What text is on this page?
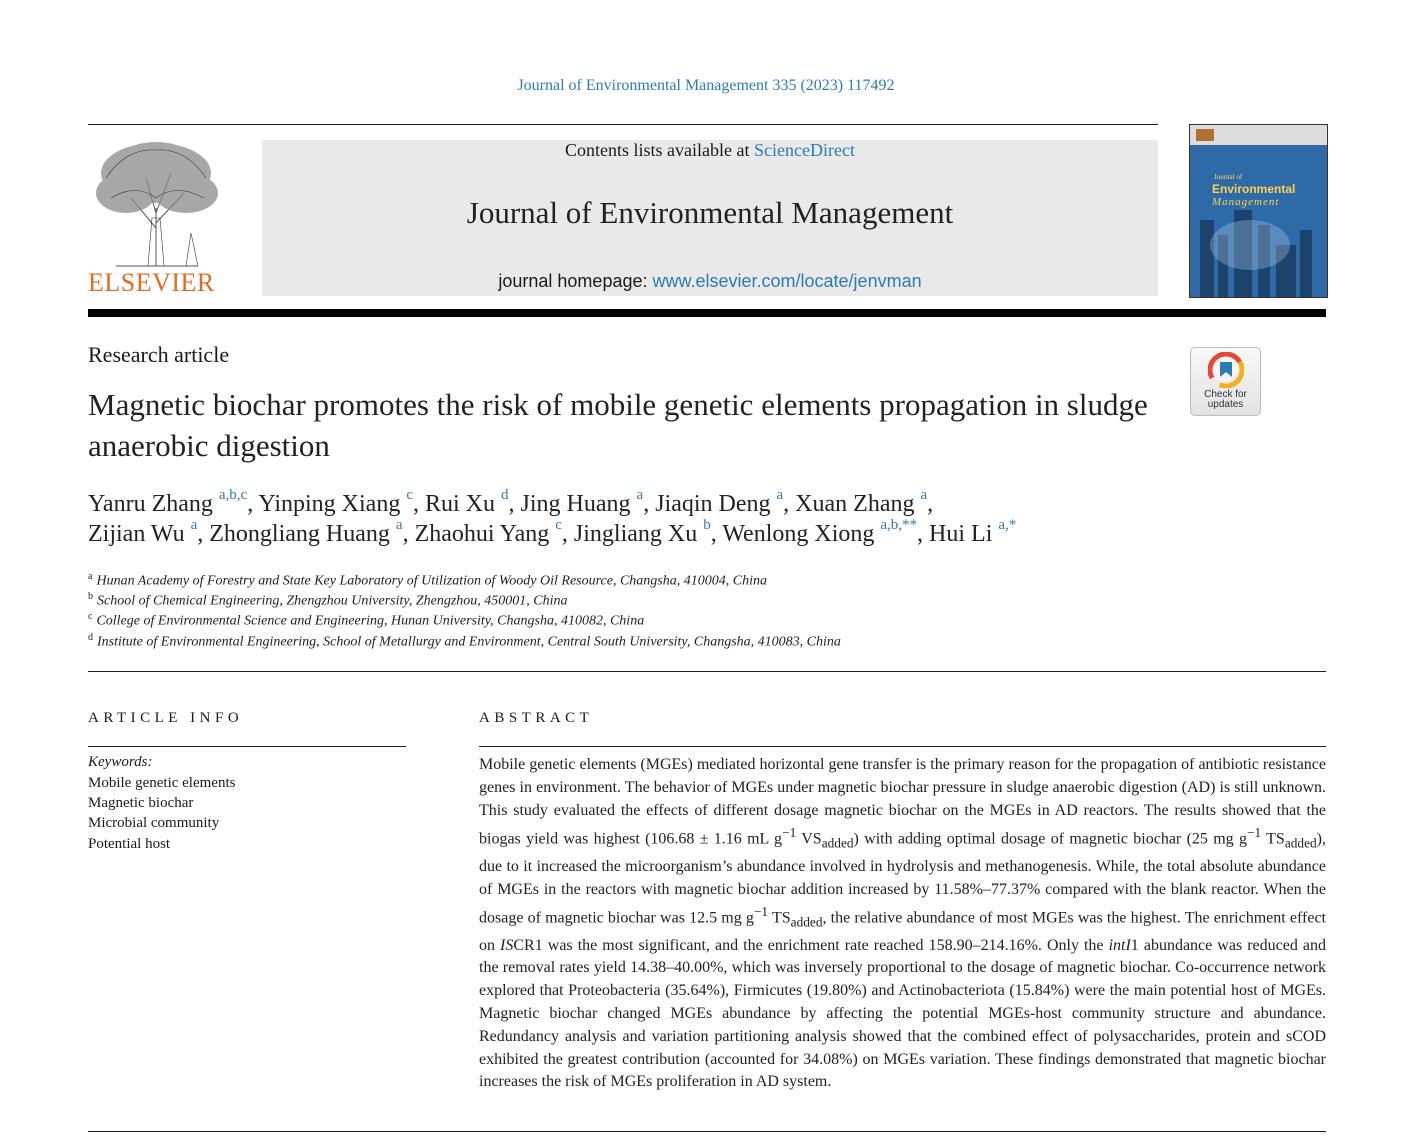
Journal of Environmental Management 335 (2023) 117492
ELSEVIER
Contents lists available at ScienceDirect
Journal of Environmental Management
journal homepage: www.elsevier.com/locate/jenvman
Journal of
Environmental
Management
Research article
Magnetic biochar promotes the risk of mobile genetic elements propagation in sludge anaerobic digestion
Check for
updates
Yanru Zhang $^{a,b,c}$, Yinping Xiang $^c$, Rui Xu $^d$, Jing Huang $^a$, Jiaqin Deng $^a$, Xuan Zhang $^a$,
Zijian Wu $^a$, Zhongliang Huang $^a$, Zhaohui Yang $^c$, Jingliang Xu $^b$, Wenlong Xiong $^{a,b,**}$, Hui Li $^{a,*}$
$^a$ Hunan Academy of Forestry and State Key Laboratory of Utilization of Woody Oil Resource, Changsha, 410004, China
$^b$ School of Chemical Engineering, Zhengzhou University, Zhengzhou, 450001, China
$^c$ College of Environmental Science and Engineering, Hunan University, Changsha, 410082, China
$^d$ Institute of Environmental Engineering, School of Metallurgy and Environment, Central South University, Changsha, 410083, China
ARTICLE INFO
Keywords:
Mobile genetic elements
Magnetic biochar
Microbial community
Potential host
ABSTRACT

Mobile genetic elements (MGEs) mediated horizontal gene transfer is the primary reason for the propagation of antibiotic resistance genes in environment. The behavior of MGEs under magnetic biochar pressure in sludge anaerobic digestion (AD) is still unknown. This study evaluated the effects of different dosage magnetic biochar on the MGEs in AD reactors. The results showed that the biogas yield was highest (106.68 ± 1.16 mL $g^{-1}$ $VS_{added}$) with adding optimal dosage of magnetic biochar (25 mg $g^{-1}$ $TS_{added}$), due to it increased the microorganism’s abundance involved in hydrolysis and methanogenesis. While, the total absolute abundance of MGEs in the reactors with magnetic biochar addition increased by 11.58%–77.37% compared with the blank reactor. When the dosage of magnetic biochar was 12.5 mg $g^{-1}$ $TS_{added}$, the relative abundance of most MGEs was the highest. The enrichment effect on ISCR1 was the most significant, and the enrichment rate reached 158.90–214.16%. Only the intI1 abundance was reduced and the removal rates yield 14.38–40.00%, which was inversely proportional to the dosage of magnetic biochar. Co-occurrence network explored that Proteobacteria (35.64%), Firmicutes (19.80%) and Actinobacteriota (15.84%) were the main potential host of MGEs. Magnetic biochar changed MGEs abundance by affecting the potential MGEs-host community structure and abundance. Redundancy analysis and variation partitioning analysis showed that the combined effect of polysaccharides, protein and sCOD exhibited the greatest contribution (accounted for 34.08%) on MGEs variation. These findings demonstrated that magnetic biochar increases the risk of MGEs proliferation in AD system.
